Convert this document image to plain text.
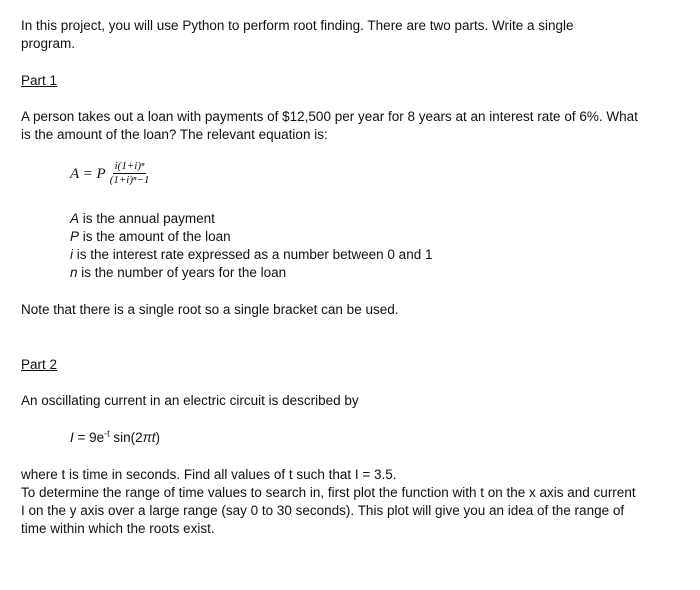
In this project, you will use Python to perform root finding. There are two parts. Write a single

program.

Part 1

A person takes out a loan with payments of $12,500 per year for 8 years at an interest rate of 6%. What

is the amount of the loan? The relevant equation is:

A = P $\frac{\text{i(1+i)ⁿ}}{\text{(1+i)ⁿ−1}}$

A is the annual payment

P is the amount of the loan

i is the interest rate expressed as a number between 0 and 1

n is the number of years for the loan

Note that there is a single root so a single bracket can be used.

Part 2

An oscillating current in an electric circuit is described by

$I = 9e^{-t}$ sin(2πt)

where t is time in seconds. Find all values of t such that I = 3.5.

To determine the range of time values to search in, first plot the function with t on the x axis and current

I on the y axis over a large range (say 0 to 30 seconds). This plot will give you an idea of the range of

time within which the roots exist.
